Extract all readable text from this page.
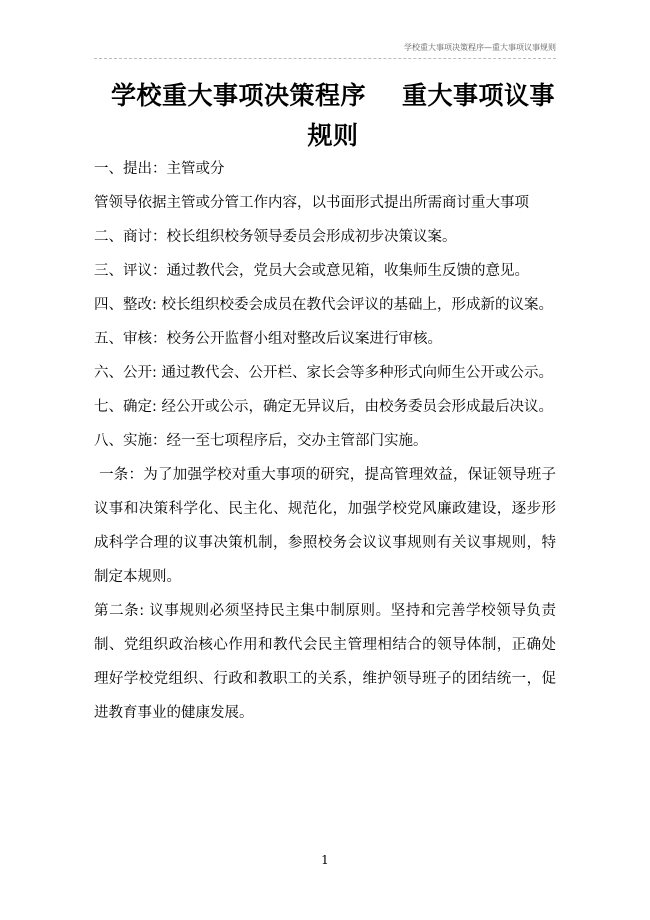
学校重大事项决策程序—重大事项议事规则
学校重大事项决策程序 重大事项议事规则

一、提出：主管或分

管领导依据主管或分管工作内容，以书面形式提出所需商讨重大事项

二、商讨：校长组织校务领导委员会形成初步决策议案。

三、评议：通过教代会，党员大会或意见箱，收集师生反馈的意见。

四、整改: 校长组织校委会成员在教代会评议的基础上，形成新的议案。

五、审核：校务公开监督小组对整改后议案进行审核。

六、公开: 通过教代会、公开栏、家长会等多种形式向师生公开或公示。

七、确定: 经公开或公示，确定无异议后，由校务委员会形成最后决议。

八、实施：经一至七项程序后，交办主管部门实施。

一条：为了加强学校对重大事项的研究，提高管理效益，保证领导班子议事和决策科学化、民主化、规范化，加强学校党风廉政建设，逐步形成科学合理的议事决策机制，参照校务会议议事规则有关议事规则，特制定本规则。

第二条: 议事规则必须坚持民主集中制原则。坚持和完善学校领导负责制、党组织政治核心作用和教代会民主管理相结合的领导体制，正确处理好学校党组织、行政和教职工的关系，维护领导班子的团结统一，促进教育事业的健康发展。

1
